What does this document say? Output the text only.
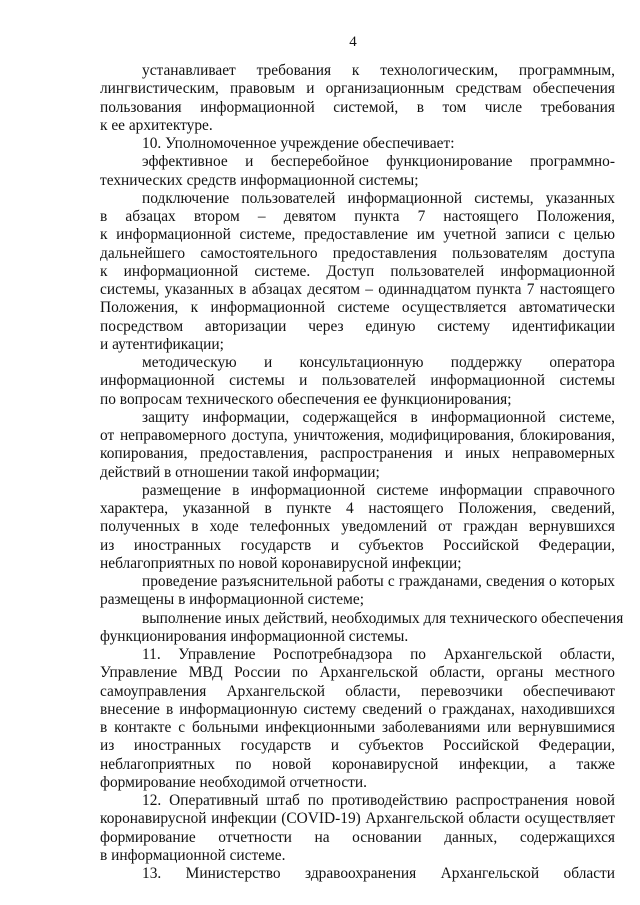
4
устанавливает требования к технологическим, программным,
лингвистическим, правовым и организационным средствам обеспечения
пользования информационной системой, в том числе требования
к ее архитектуре.
10. Уполномоченное учреждение обеспечивает:
эффективное и бесперебойное функционирование программно-
технических средств информационной системы;
подключение пользователей информационной системы, указанных
в абзацах втором – девятом пункта 7 настоящего Положения,
к информационной системе, предоставление им учетной записи с целью
дальнейшего самостоятельного предоставления пользователям доступа
к информационной системе. Доступ пользователей информационной
системы, указанных в абзацах десятом – одиннадцатом пункта 7 настоящего
Положения, к информационной системе осуществляется автоматически
посредством авторизации через единую систему идентификации
и аутентификации;
методическую и консультационную поддержку оператора
информационной системы и пользователей информационной системы
по вопросам технического обеспечения ее функционирования;
защиту информации, содержащейся в информационной системе,
от неправомерного доступа, уничтожения, модифицирования, блокирования,
копирования, предоставления, распространения и иных неправомерных
действий в отношении такой информации;
размещение в информационной системе информации справочного
характера, указанной в пункте 4 настоящего Положения, сведений,
полученных в ходе телефонных уведомлений от граждан вернувшихся
из иностранных государств и субъектов Российской Федерации,
неблагоприятных по новой коронавирусной инфекции;
проведение разъяснительной работы с гражданами, сведения о которых
размещены в информационной системе;
выполнение иных действий, необходимых для технического обеспечения
функционирования информационной системы.
11. Управление Роспотребнадзора по Архангельской области,
Управление МВД России по Архангельской области, органы местного
самоуправления Архангельской области, перевозчики обеспечивают
внесение в информационную систему сведений о гражданах, находившихся
в контакте с больными инфекционными заболеваниями или вернувшимися
из иностранных государств и субъектов Российской Федерации,
неблагоприятных по новой коронавирусной инфекции, а также
формирование необходимой отчетности.
12. Оперативный штаб по противодействию распространения новой
коронавирусной инфекции (COVID-19) Архангельской области осуществляет
формирование отчетности на основании данных, содержащихся
в информационной системе.
13. Министерство здравоохранения Архангельской области
